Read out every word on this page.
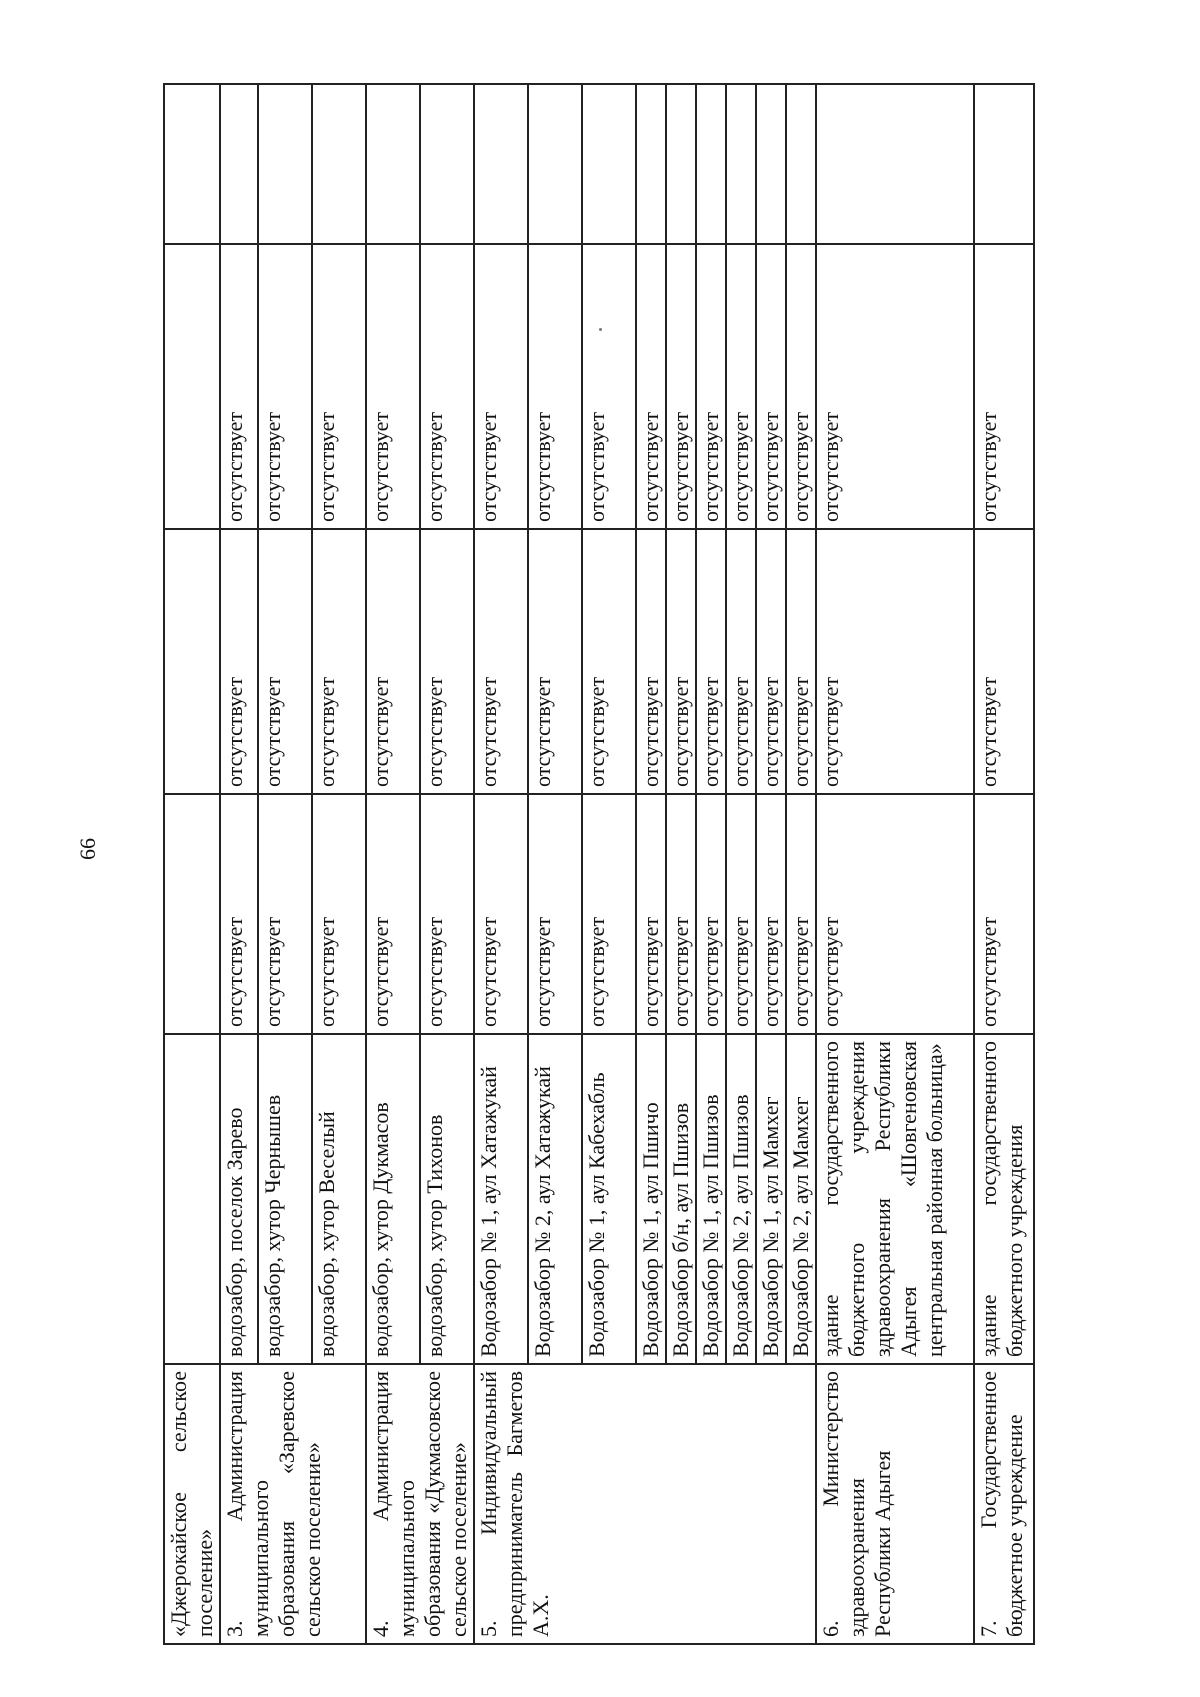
66
«Джерокайское сельское поселение»					
3. Администрация муниципального образования «Заревское сельское поселение»	водозабор, поселок Зарево	отсутствует	отсутствует	отсутствует	
	водозабор, хутор Чернышев	отсутствует	отсутствует	отсутствует	
	водозабор, хутор Веселый	отсутствует	отсутствует	отсутствует	
4. Администрация муниципального образования «Дукмасовское сельское поселение»	водозабор, хутор Дукмасов	отсутствует	отсутствует	отсутствует	
	водозабор, хутор Тихонов	отсутствует	отсутствует	отсутствует	
5. Индивидуальный предприниматель Багметов А.Х.	Водозабор № 1, аул Хатажукай	отсутствует	отсутствует	отсутствует	
	Водозабор № 2, аул Хатажукай	отсутствует	отсутствует	отсутствует	
	Водозабор № 1, аул Кабехабль	отсутствует	отсутствует	отсутствует	
	Водозабор № 1, аул Пшичо	отсутствует	отсутствует	отсутствует	
	Водозабор б/н, аул Пшизов	отсутствует	отсутствует	отсутствует	
	Водозабор № 1, аул Пшизов	отсутствует	отсутствует	отсутствует	
	Водозабор № 2, аул Пшизов	отсутствует	отсутствует	отсутствует	
	Водозабор № 1, аул Мамхег	отсутствует	отсутствует	отсутствует	
	Водозабор № 2, аул Мамхег	отсутствует	отсутствует	отсутствует	
6. Министерство здравоохранения Республики Адыгея	здание государственного бюджетного учреждения здравоохранения Республики Адыгея «Шовгеновская центральная районная больница»	отсутствует	отсутствует	отсутствует	
7. Государственное бюджетное учреждение	здание государственного бюджетного учреждения	отсутствует	отсутствует	отсутствует	
